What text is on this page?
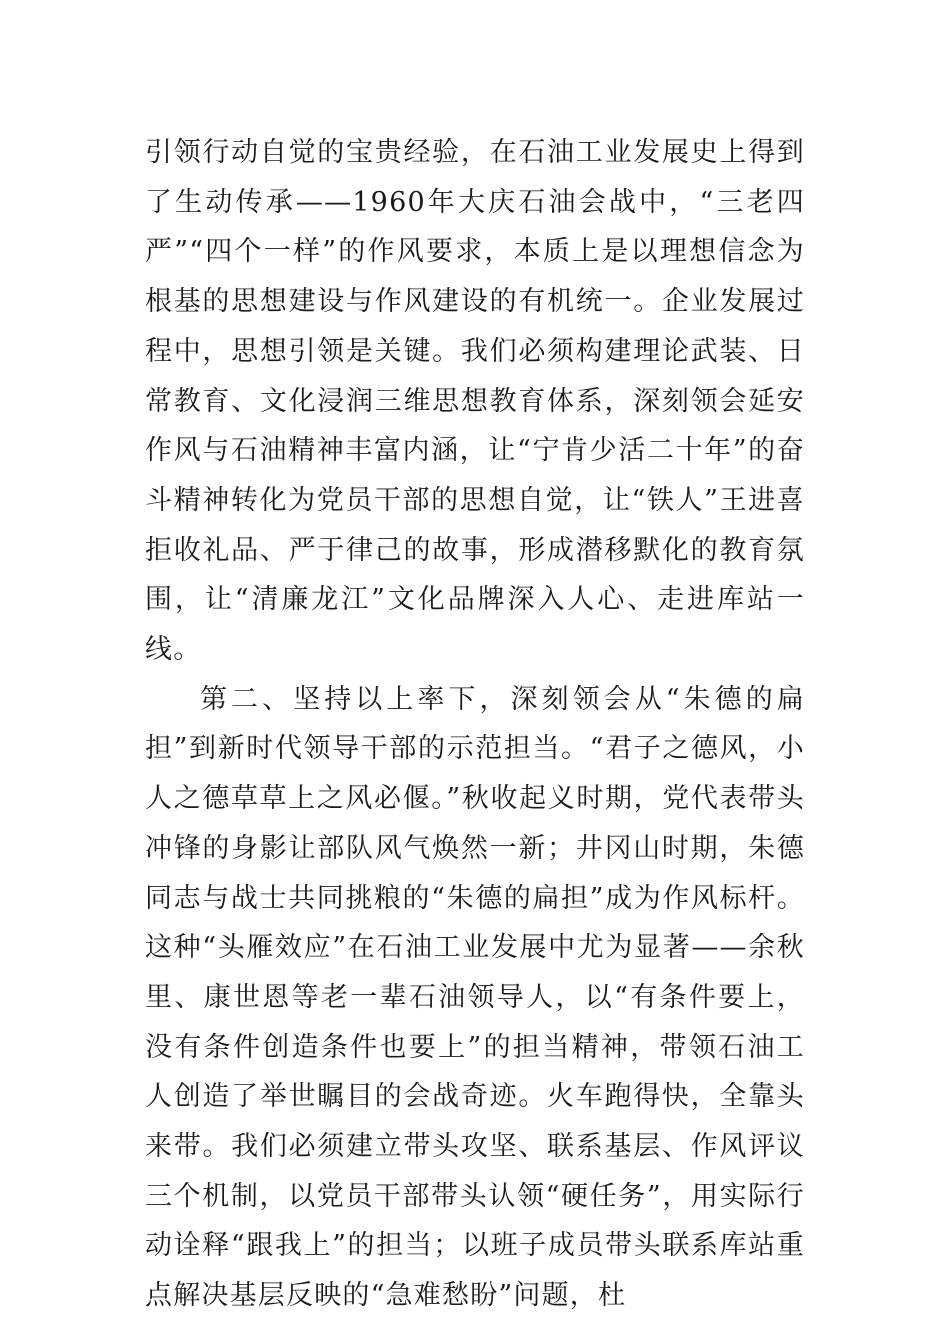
引领行动自觉的宝贵经验，在石油工业发展史上得到了生动传承——1960年大庆石油会战中，“三老四严”“四个一样”的作风要求，本质上是以理想信念为根基的思想建设与作风建设的有机统一。企业发展过程中，思想引领是关键。我们必须构建理论武装、日常教育、文化浸润三维思想教育体系，深刻领会延安作风与石油精神丰富内涵，让“宁肯少活二十年”的奋斗精神转化为党员干部的思想自觉，让“铁人”王进喜拒收礼品、严于律己的故事，形成潜移默化的教育氛围，让“清廉龙江”文化品牌深入人心、走进库站一线。

第二、坚持以上率下，深刻领会从“朱德的扁担”到新时代领导干部的示范担当。“君子之德风，小人之德草草上之风必偃。”秋收起义时期，党代表带头冲锋的身影让部队风气焕然一新；井冈山时期，朱德同志与战士共同挑粮的“朱德的扁担”成为作风标杆。这种“头雁效应”在石油工业发展中尤为显著——余秋里、康世恩等老一辈石油领导人，以“有条件要上，没有条件创造条件也要上”的担当精神，带领石油工人创造了举世瞩目的会战奇迹。火车跑得快，全靠头来带。我们必须建立带头攻坚、联系基层、作风评议三个机制，以党员干部带头认领“硬任务”，用实际行动诠释“跟我上”的担当；以班子成员带头联系库站重点解决基层反映的“急难愁盼”问题，杜
